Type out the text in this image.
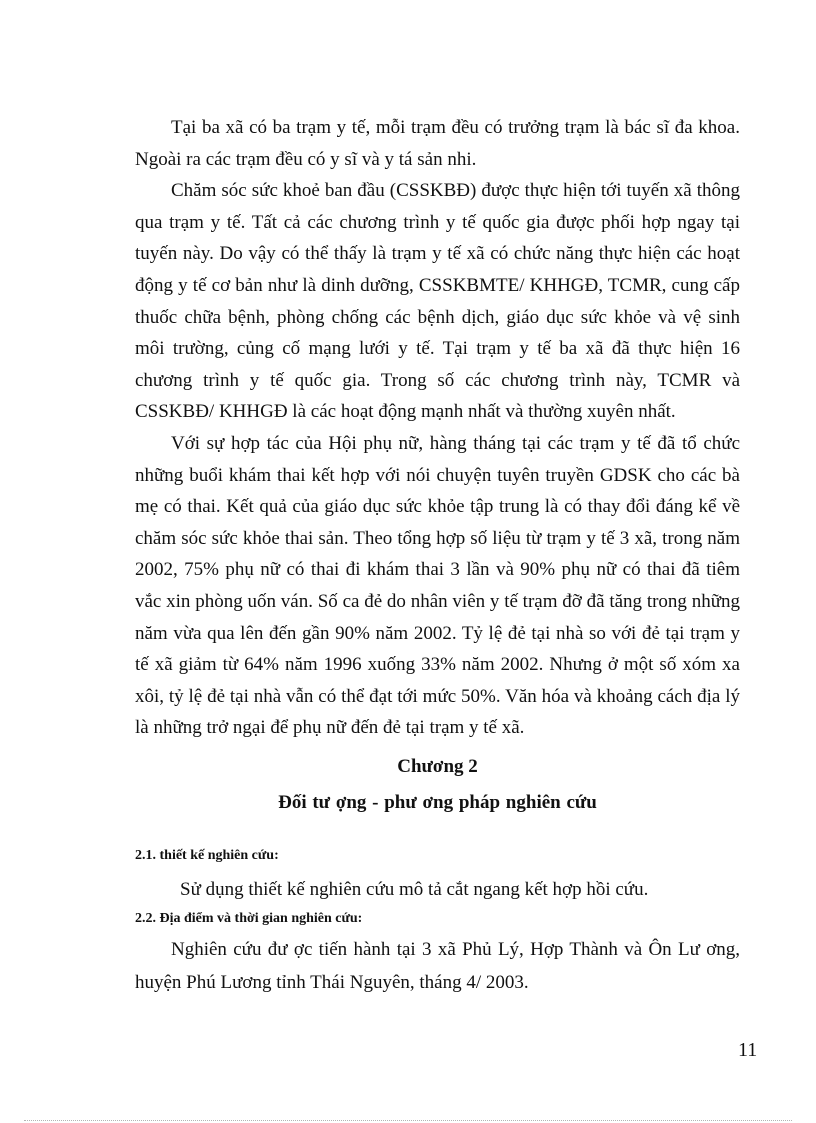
Tại ba xã có ba trạm y tế, mỗi trạm đều có trưởng trạm là bác sĩ đa khoa. Ngoài ra các trạm đều có y sĩ và y tá sản nhi.

Chăm sóc sức khoẻ ban đầu (CSSKBĐ) được thực hiện tới tuyến xã thông qua trạm y tế. Tất cả các chương trình y tế quốc gia được phối hợp ngay tại tuyến này. Do vậy có thể thấy là trạm y tế xã có chức năng thực hiện các hoạt động y tế cơ bản như là dinh dưỡng, CSSKBMTE/ KHHGĐ, TCMR, cung cấp thuốc chữa bệnh, phòng chống các bệnh dịch, giáo dục sức khỏe và vệ sinh môi trường, củng cố mạng lưới y tế. Tại trạm y tế ba xã đã thực hiện 16 chương trình y tế quốc gia. Trong số các chương trình này, TCMR và CSSKBĐ/ KHHGĐ là các hoạt động mạnh nhất và thường xuyên nhất.

Với sự hợp tác của Hội phụ nữ, hàng tháng tại các trạm y tế đã tổ chức những buổi khám thai kết hợp với nói chuyện tuyên truyền GDSK cho các bà mẹ có thai. Kết quả của giáo dục sức khỏe tập trung là có thay đổi đáng kể về chăm sóc sức khỏe thai sản. Theo tổng hợp số liệu từ trạm y tế 3 xã, trong năm 2002, 75% phụ nữ có thai đi khám thai 3 lần và 90% phụ nữ có thai đã tiêm vắc xin phòng uốn ván. Số ca đẻ do nhân viên y tế trạm đỡ đã tăng trong những năm vừa qua lên đến gần 90% năm 2002. Tỷ lệ đẻ tại nhà so với đẻ tại trạm y tế xã giảm từ 64% năm 1996 xuống 33% năm 2002. Nhưng ở một số xóm xa xôi, tỷ lệ đẻ tại nhà vẫn có thể đạt tới mức 50%. Văn hóa và khoảng cách địa lý là những trở ngại để phụ nữ đến đẻ tại trạm y tế xã.

Chương 2
Đối tư ợng - phư ơng pháp nghiên cứu
2.1. thiết kế nghiên cứu:

Sử dụng thiết kế nghiên cứu mô tả cắt ngang kết hợp hồi cứu.

2.2. Địa điểm và thời gian nghiên cứu:

Nghiên cứu đư ợc tiến hành tại 3 xã Phủ Lý, Hợp Thành và Ôn Lư ơng, huyện Phú Lương tỉnh Thái Nguyên, tháng 4/ 2003.

11
